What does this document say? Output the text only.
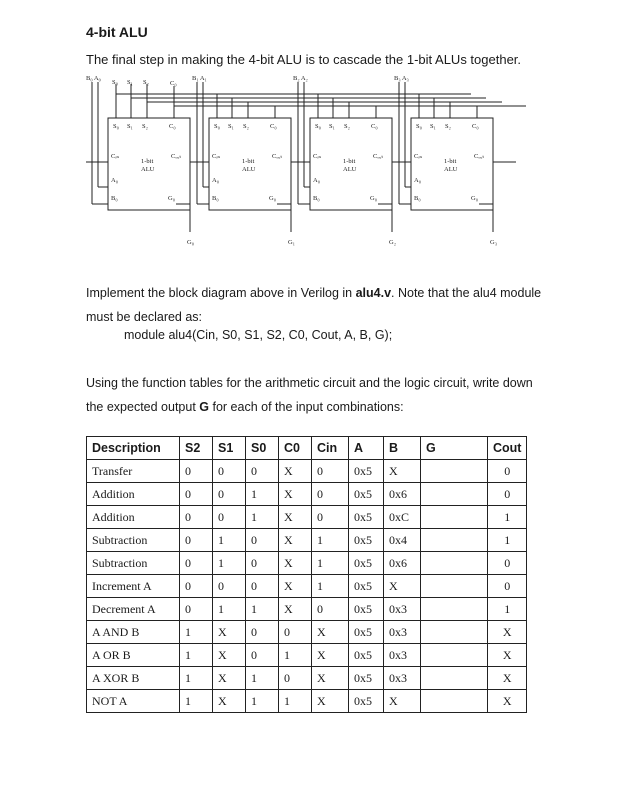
4-bit ALU
The final step in making the 4-bit ALU is to cascade the 1-bit ALUs together.
B₀ A₀
S₀ S₁ S₂	C₀
B₁ A₁	B₂ A₂	B₃ A₃
S₀ S₁ S₂	C₀
Cᵢₙ	Cₒᵤₜ
1-bit
ALU
A₀
B₀	G₀
G₀
S₀ S₁ S₂	C₀
Cᵢₙ	Cₒᵤₜ
1-bit
ALU
A₀
B₀	G₀
G₁
S₀ S₁ S₂	C₀
Cᵢₙ	Cₒᵤₜ
1-bit
ALU
A₀
B₀	G₀
G₂
S₀ S₁ S₂	C₀
Cᵢₙ	Cₒᵤₜ
1-bit
ALU
A₀
B₀	G₀
G₃
Implement the block diagram above in Verilog in alu4.v. Note that the alu4 module must be declared as:
module alu4(Cin, S0, S1, S2, C0, Cout, A, B, G);
Using the function tables for the arithmetic circuit and the logic circuit, write down the expected output G for each of the input combinations:
Description	S2	S1	S0	C0	Cin	A	B	G	Cout
Transfer	0	0	0	X	0	0x5	X		0
Addition	0	0	1	X	0	0x5	0x6		0
Addition	0	0	1	X	0	0x5	0xC		1
Subtraction	0	1	0	X	1	0x5	0x4		1
Subtraction	0	1	0	X	1	0x5	0x6		0
Increment A	0	0	0	X	1	0x5	X		0
Decrement A	0	1	1	X	0	0x5	0x3		1
A AND B	1	X	0	0	X	0x5	0x3		X
A OR B	1	X	0	1	X	0x5	0x3		X
A XOR B	1	X	1	0	X	0x5	0x3		X
NOT A	1	X	1	1	X	0x5	X		X
